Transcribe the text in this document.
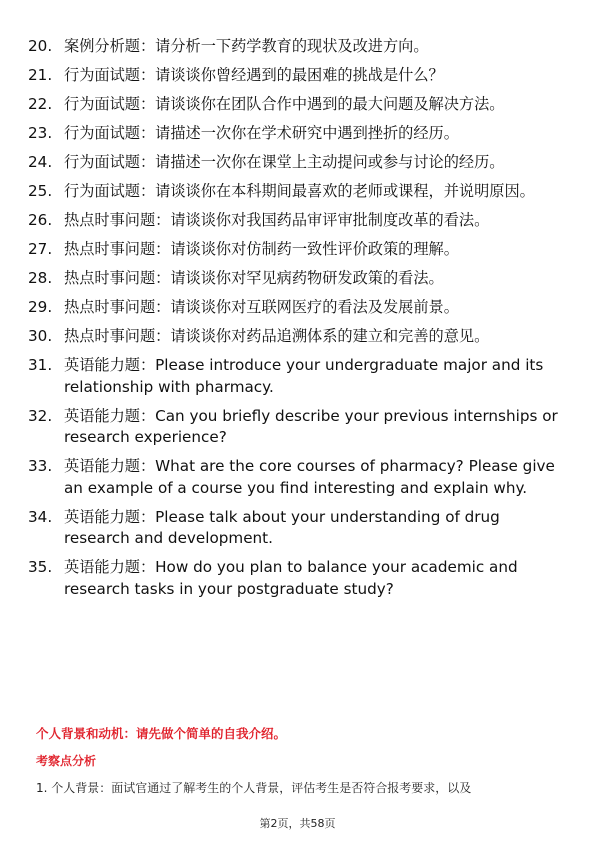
20. 案例分析题：请分析一下药学教育的现状及改进方向。
21. 行为面试题：请谈谈你曾经遇到的最困难的挑战是什么？
22. 行为面试题：请谈谈你在团队合作中遇到的最大问题及解决方法。
23. 行为面试题：请描述一次你在学术研究中遇到挫折的经历。
24. 行为面试题：请描述一次你在课堂上主动提问或参与讨论的经历。
25. 行为面试题：请谈谈你在本科期间最喜欢的老师或课程，并说明原因。
26. 热点时事问题：请谈谈你对我国药品审评审批制度改革的看法。
27. 热点时事问题：请谈谈你对仿制药一致性评价政策的理解。
28. 热点时事问题：请谈谈你对罕见病药物研发政策的看法。
29. 热点时事问题：请谈谈你对互联网医疗的看法及发展前景。
30. 热点时事问题：请谈谈你对药品追溯体系的建立和完善的意见。
31. 英语能力题：Please introduce your undergraduate major and its relationship with pharmacy.
32. 英语能力题：Can you briefly describe your previous internships or research experience?
33. 英语能力题：What are the core courses of pharmacy? Please give an example of a course you find interesting and explain why.
34. 英语能力题：Please talk about your understanding of drug research and development.
35. 英语能力题：How do you plan to balance your academic and research tasks in your postgraduate study?
个人背景和动机：请先做个简单的自我介绍。
考察点分析
1. 个人背景：面试官通过了解考生的个人背景，评估考生是否符合报考要求，以及
第2页，共58页
